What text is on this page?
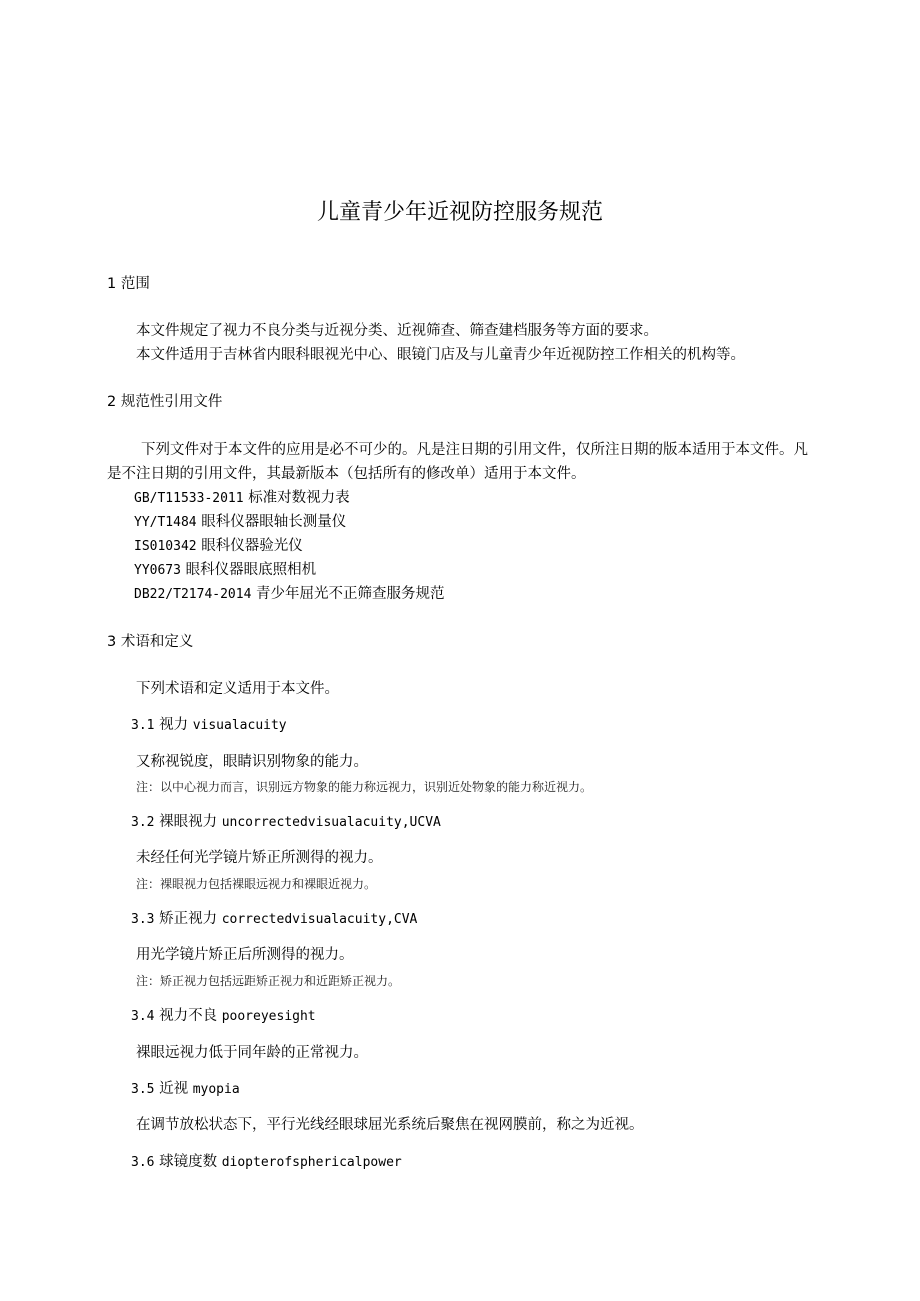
儿童青少年近视防控服务规范
1 范围
本文件规定了视力不良分类与近视分类、近视筛查、筛查建档服务等方面的要求。
本文件适用于吉林省内眼科眼视光中心、眼镜门店及与儿童青少年近视防控工作相关的机构等。
2 规范性引用文件
下列文件对于本文件的应用是必不可少的。凡是注日期的引用文件，仅所注日期的版本适用于本文件。凡
是不注日期的引用文件，其最新版本（包括所有的修改单）适用于本文件。
GB/T11533-2011 标准对数视力表
YY/T1484 眼科仪器眼轴长测量仪
IS010342 眼科仪器验光仪
YY0673 眼科仪器眼底照相机
DB22/T2174-2014 青少年屈光不正筛查服务规范
3 术语和定义
下列术语和定义适用于本文件。
3.1 视力 visualacuity
又称视锐度，眼睛识别物象的能力。
注：以中心视力而言，识别远方物象的能力称远视力，识别近处物象的能力称近视力。
3.2 裸眼视力 uncorrectedvisualacuity,UCVA
未经任何光学镜片矫正所测得的视力。
注：裸眼视力包括裸眼远视力和裸眼近视力。
3.3 矫正视力 correctedvisualacuity,CVA
用光学镜片矫正后所测得的视力。
注：矫正视力包括远距矫正视力和近距矫正视力。
3.4 视力不良 pooreyesight
裸眼远视力低于同年龄的正常视力。
3.5 近视 myopia
在调节放松状态下，平行光线经眼球屈光系统后聚焦在视网膜前，称之为近视。
3.6 球镜度数 diopterofsphericalpower
